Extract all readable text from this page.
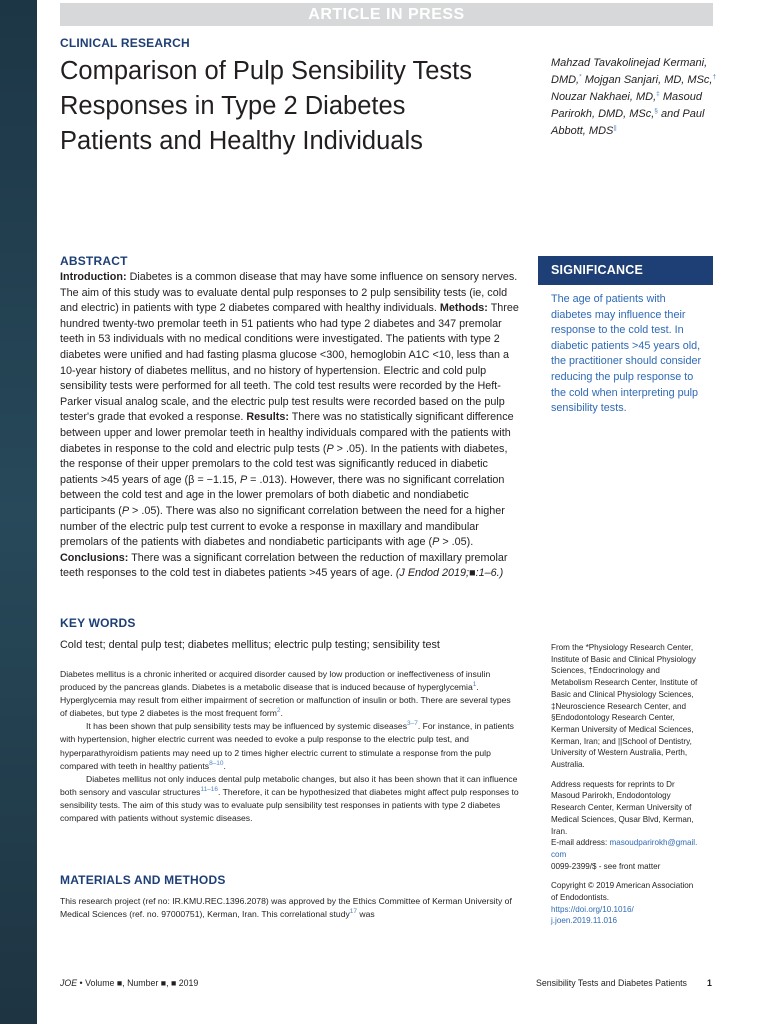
ARTICLE IN PRESS
CLINICAL RESEARCH
Comparison of Pulp Sensibility Tests Responses in Type 2 Diabetes Patients and Healthy Individuals
Mahzad Tavakolinejad Kermani, DMD,* Mojgan Sanjari, MD, MSc,† Nouzar Nakhaei, MD,‡ Masoud Parirokh, DMD, MSc,§ and Paul Abbott, MDS||
ABSTRACT
Introduction: Diabetes is a common disease that may have some influence on sensory nerves. The aim of this study was to evaluate dental pulp responses to 2 pulp sensibility tests (ie, cold and electric) in patients with type 2 diabetes compared with healthy individuals. Methods: Three hundred twenty-two premolar teeth in 51 patients who had type 2 diabetes and 347 premolar teeth in 53 individuals with no medical conditions were investigated. The patients with type 2 diabetes were unified and had fasting plasma glucose <300, hemoglobin A1C <10, less than a 10-year history of diabetes mellitus, and no history of hypertension. Electric and cold pulp sensibility tests were performed for all teeth. The cold test results were recorded by the Heft-Parker visual analog scale, and the electric pulp test results were recorded based on the pulp tester's grade that evoked a response. Results: There was no statistically significant difference between upper and lower premolar teeth in healthy individuals compared with the patients with diabetes in response to the cold and electric pulp tests (P > .05). In the patients with diabetes, the response of their upper premolars to the cold test was significantly reduced in diabetic patients >45 years of age (β = −1.15, P = .013). However, there was no significant correlation between the cold test and age in the lower premolars of both diabetic and nondiabetic participants (P > .05). There was also no significant correlation between the need for a higher number of the electric pulp test current to evoke a response in maxillary and mandibular premolars of the patients with diabetes and nondiabetic participants with age (P > .05). Conclusions: There was a significant correlation between the reduction of maxillary premolar teeth responses to the cold test in diabetes patients >45 years of age. (J Endod 2019;■:1–6.)
KEY WORDS
Cold test; dental pulp test; diabetes mellitus; electric pulp testing; sensibility test
SIGNIFICANCE
The age of patients with diabetes may influence their response to the cold test. In diabetic patients >45 years old, the practitioner should consider reducing the pulp response to the cold when interpreting pulp sensibility tests.

Diabetes mellitus is a chronic inherited or acquired disorder caused by low production or ineffectiveness of insulin produced by the pancreas glands. Diabetes is a metabolic disease that is induced because of hyperglycemia$^1$. Hyperglycemia may result from either impairment of secretion or malfunction of insulin or both. There are several types of diabetes, but type 2 diabetes is the most frequent form$^2$.

It has been shown that pulp sensibility tests may be influenced by systemic diseases$^{3-7}$. For instance, in patients with hypertension, higher electric current was needed to evoke a pulp response to the electric pulp test, and hyperparathyroidism patients may need up to 2 times higher electric current to stimulate a response from the pulp compared with teeth in healthy patients$^{8-10}$.

Diabetes mellitus not only induces dental pulp metabolic changes, but also it has been shown that it can influence both sensory and vascular structures$^{11-16}$. Therefore, it can be hypothesized that diabetes might affect pulp responses to sensibility tests. The aim of this study was to evaluate pulp sensibility test responses in patients with type 2 diabetes compared with patients without systemic diseases.

MATERIALS AND METHODS
This research project (ref no: IR.KMU.REC.1396.2078) was approved by the Ethics Committee of Kerman University of Medical Sciences (ref. no. 97000751), Kerman, Iran. This correlational study$^{17}$ was
From the *Physiology Research Center,
Institute of Basic and Clinical Physiology
Sciences, †Endocrinology and
Metabolism Research Center, Institute of
Basic and Clinical Physiology Sciences,
‡Neuroscience Research Center, and
§Endodontology Research Center,
Kerman University of Medical Sciences,
Kerman, Iran; and ||School of Dentistry,
University of Western Australia, Perth,
Australia.
Address requests for reprints to Dr
Masoud Parirokh, Endodontology
Research Center, Kerman University of
Medical Sciences, Qusar Blvd, Kerman,
Iran.
E-mail address: masoudparirokh@gmail.
com
0099-2399/$ - see front matter
Copyright © 2019 American Association
of Endodontists.
https://doi.org/10.1016/
j.joen.2019.11.016
JOE • Volume ■, Number ■, ■ 2019	Sensibility Tests and Diabetes Patients 1
